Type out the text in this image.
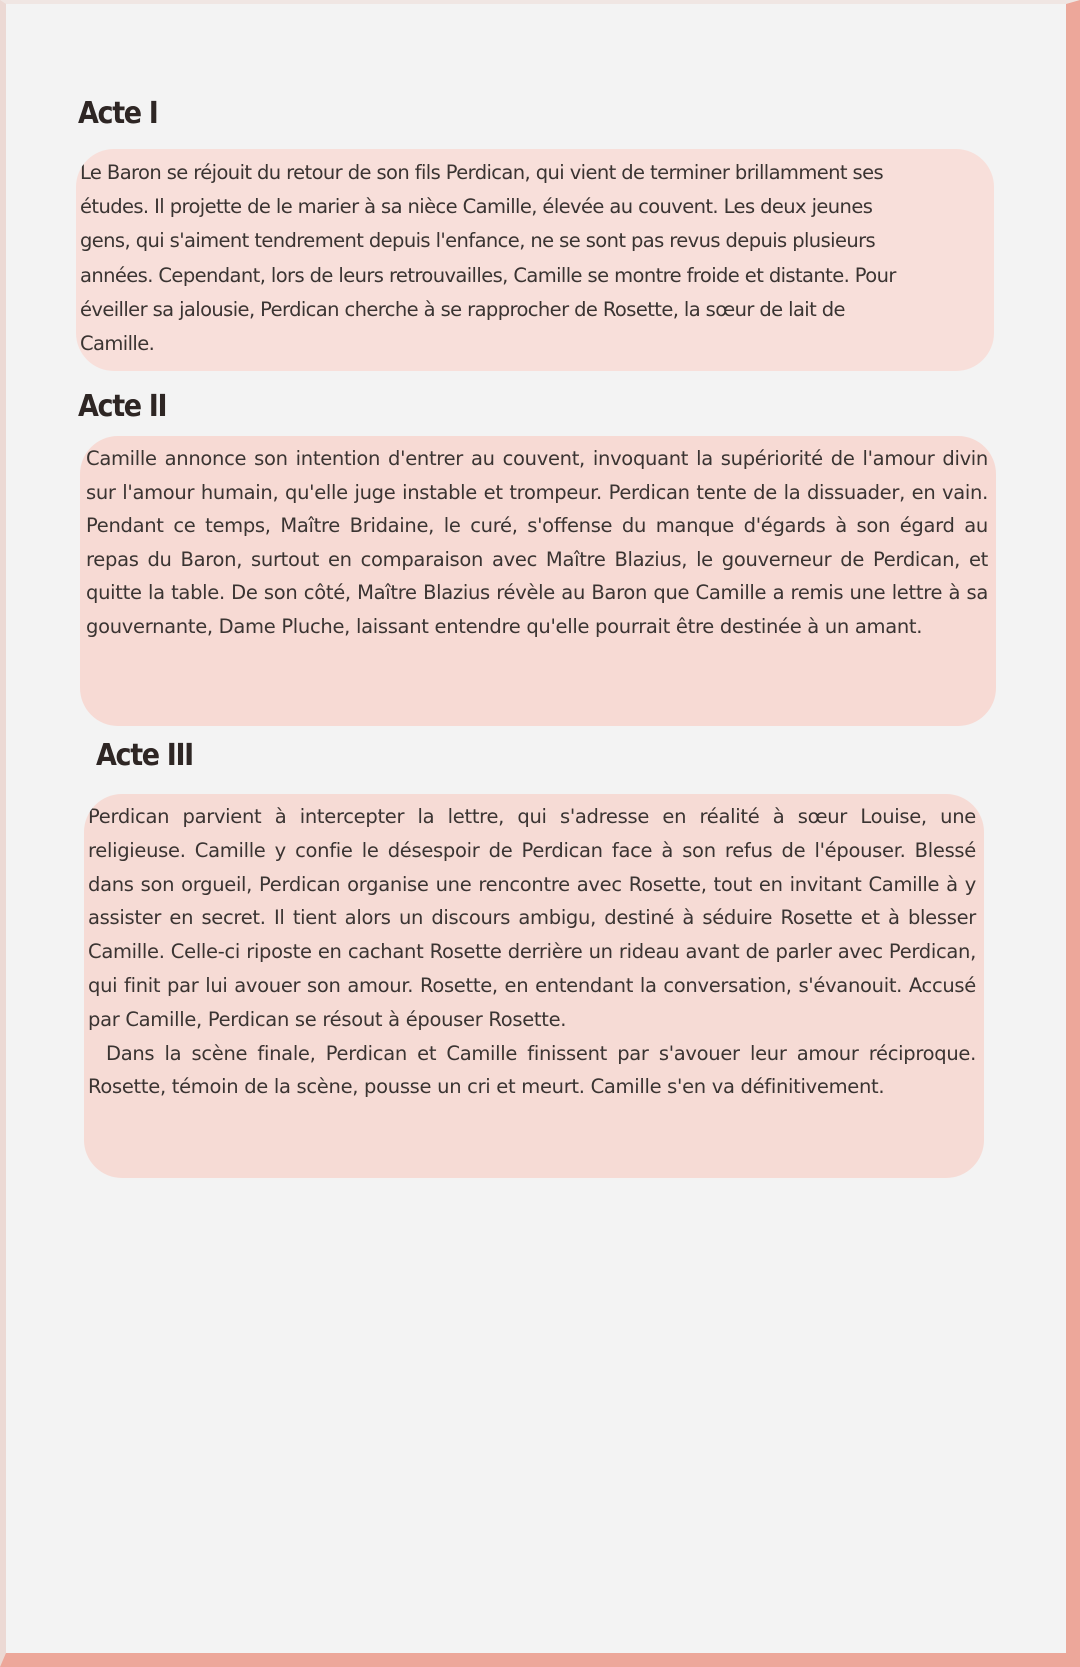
Acte I

Le Baron se réjouit du retour de son fils Perdican, qui vient de terminer brillamment ses études. Il projette de le marier à sa nièce Camille, élevée au couvent. Les deux jeunes gens, qui s'aiment tendrement depuis l'enfance, ne se sont pas revus depuis plusieurs années. Cependant, lors de leurs retrouvailles, Camille se montre froide et distante. Pour éveiller sa jalousie, Perdican cherche à se rapprocher de Rosette, la sœur de lait de Camille.

Acte II

Camille annonce son intention d'entrer au couvent, invoquant la supériorité de l'amour divin sur l'amour humain, qu'elle juge instable et trompeur. Perdican tente de la dissuader, en vain. Pendant ce temps, Maître Bridaine, le curé, s'offense du manque d'égards à son égard au repas du Baron, surtout en comparaison avec Maître Blazius, le gouverneur de Perdican, et quitte la table. De son côté, Maître Blazius révèle au Baron que Camille a remis une lettre à sa gouvernante, Dame Pluche, laissant entendre qu'elle pourrait être destinée à un amant.

Acte III

Perdican parvient à intercepter la lettre, qui s'adresse en réalité à sœur Louise, une religieuse. Camille y confie le désespoir de Perdican face à son refus de l'épouser. Blessé dans son orgueil, Perdican organise une rencontre avec Rosette, tout en invitant Camille à y assister en secret. Il tient alors un discours ambigu, destiné à séduire Rosette et à blesser Camille. Celle-ci riposte en cachant Rosette derrière un rideau avant de parler avec Perdican, qui finit par lui avouer son amour. Rosette, en entendant la conversation, s'évanouit. Accusé par Camille, Perdican se résout à épouser Rosette.

Dans la scène finale, Perdican et Camille finissent par s'avouer leur amour réciproque. Rosette, témoin de la scène, pousse un cri et meurt. Camille s'en va définitivement.
